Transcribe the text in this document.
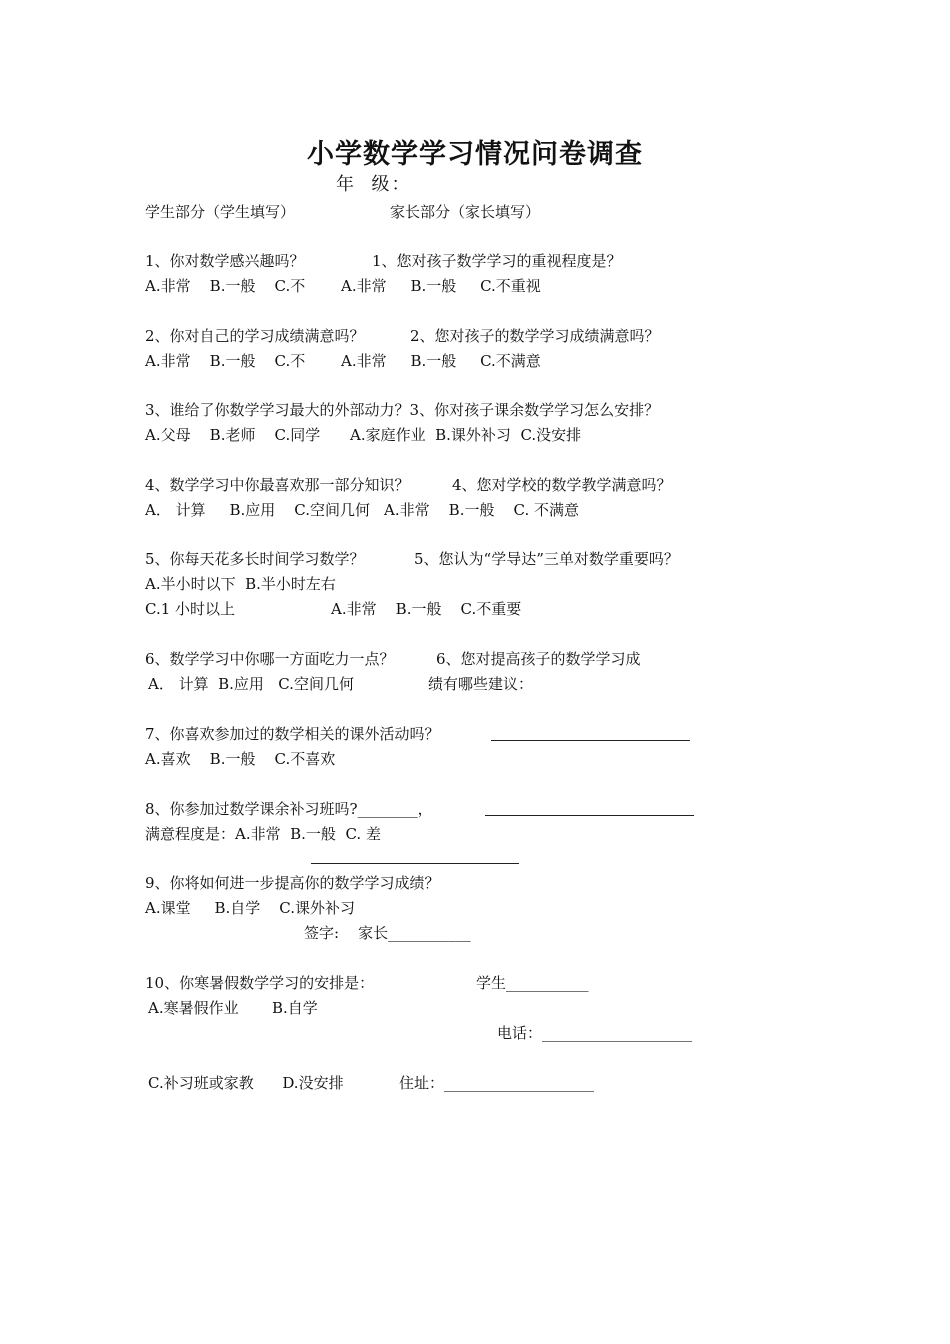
小学数学学习情况问卷调查
年  级：
学生部分（学生填写）	家长部分（家长填写）
1、你对数学感兴趣吗？	1、您对孩子数学学习的重视程度是？
A.非常    B.一般    C.不 A.非常     B.一般     C.不重视
2、你对自己的学习成绩满意吗？	2、您对孩子的数学学习成绩满意吗？
A.非常    B.一般    C.不 A.非常     B.一般     C.不满意
3、谁给了你数学学习最大的外部动力？3、你对孩子课余数学学习怎么安排？
A.父母    B.老师    C.同学 A.家庭作业  B.课外补习  C.没安排
4、数学学习中你最喜欢那一部分知识？	4、您对学校的数学教学满意吗？
A． 计算     B.应用    C.空间几何 A.非常    B.一般    C. 不满意
5、你每天花多长时间学习数学？	5、您认为“学导达”三单对数学重要吗？
A.半小时以下  B.半小时左右
C.1 小时以上	A.非常    B.一般    C.不重要
6、数学学习中你哪一方面吃力一点？	6、您对提高孩子的数学学习成
A． 计算  B.应用   C.空间几何	绩有哪些建议：
7、你喜欢参加过的数学相关的课外活动吗？
A.喜欢    B.一般    C.不喜欢
8、你参加过数学课余补习班吗?________，
满意程度是：A.非常  B.一般  C. 差
9、你将如何进一步提高你的数学学习成绩？
A.课堂     B.自学    C.课外补习
签字:    家长___________
10、你寒暑假数学学习的安排是：	学生___________
A.寒暑假作业       B.自学
电话：____________________
C.补习班或家教      D.没安排	住址：____________________
